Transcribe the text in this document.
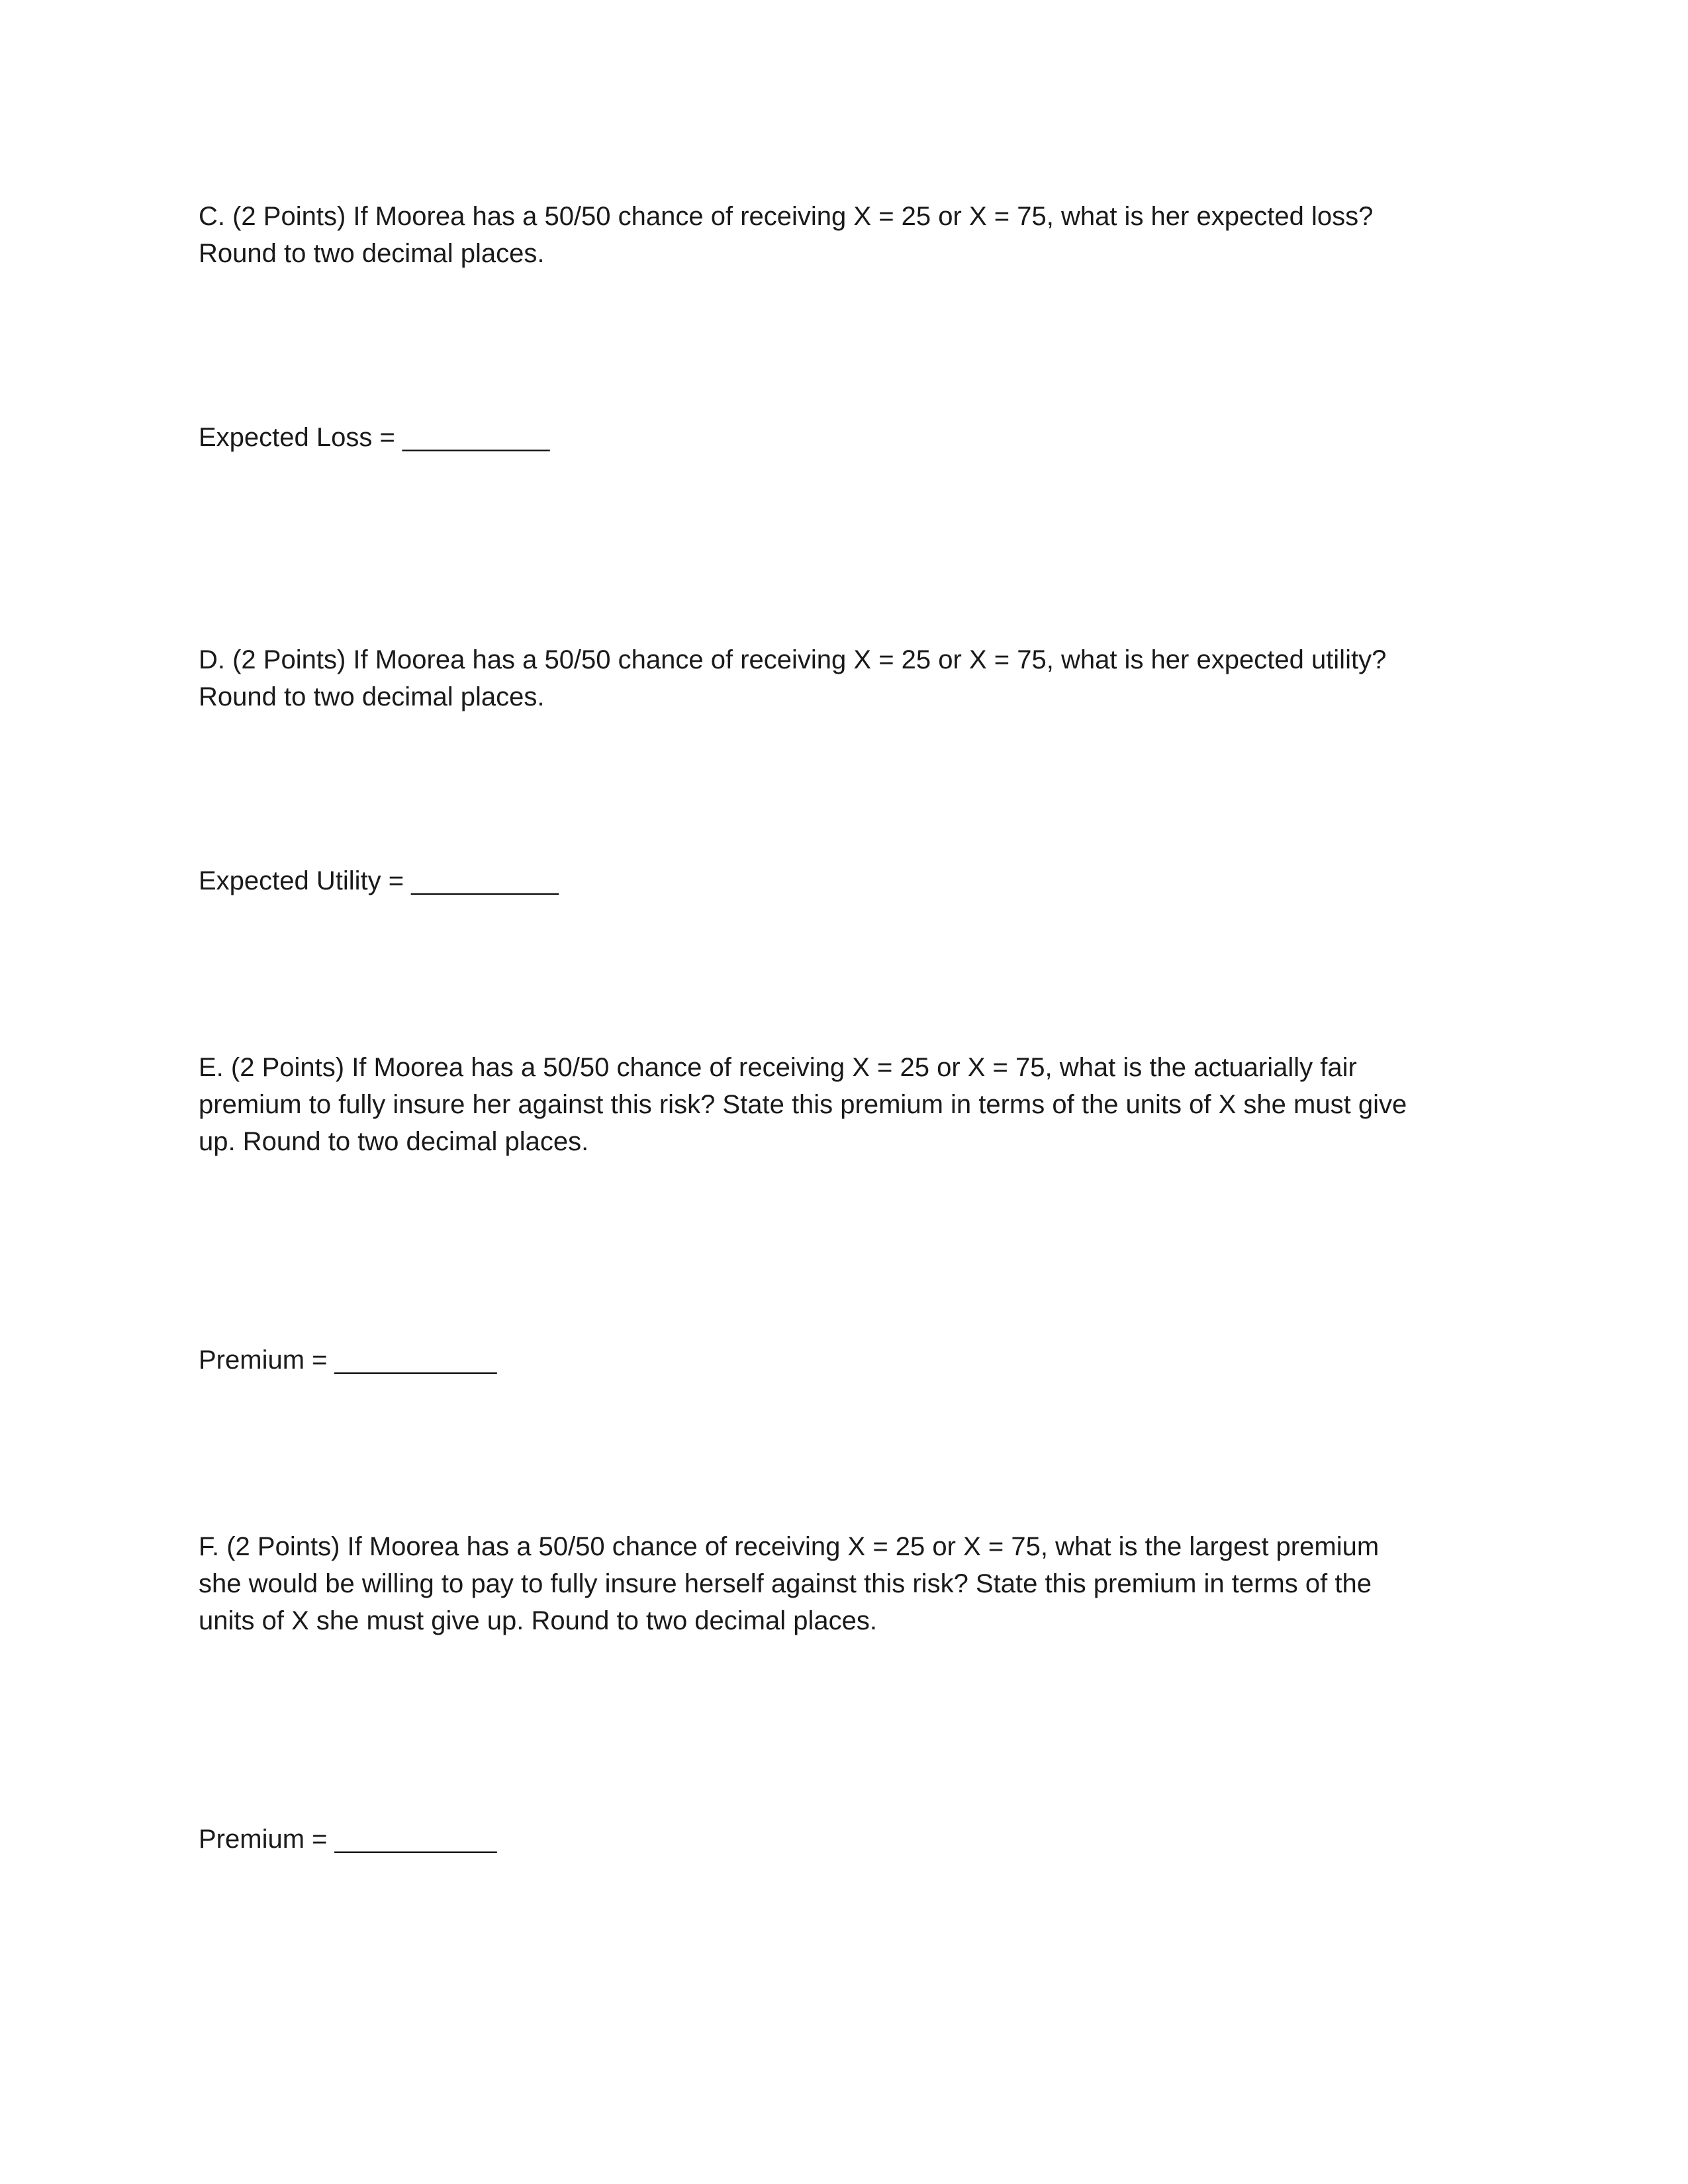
C. (2 Points) If Moorea has a 50/50 chance of receiving X = 25 or X = 75, what is her expected loss?
Round to two decimal places.

Expected Loss = __________

D. (2 Points) If Moorea has a 50/50 chance of receiving X = 25 or X = 75, what is her expected utility?
Round to two decimal places.

Expected Utility = __________

E. (2 Points) If Moorea has a 50/50 chance of receiving X = 25 or X = 75, what is the actuarially fair
premium to fully insure her against this risk? State this premium in terms of the units of X she must give
up. Round to two decimal places.

Premium = ___________

F. (2 Points) If Moorea has a 50/50 chance of receiving X = 25 or X = 75, what is the largest premium
she would be willing to pay to fully insure herself against this risk? State this premium in terms of the
units of X she must give up. Round to two decimal places.

Premium = ___________
